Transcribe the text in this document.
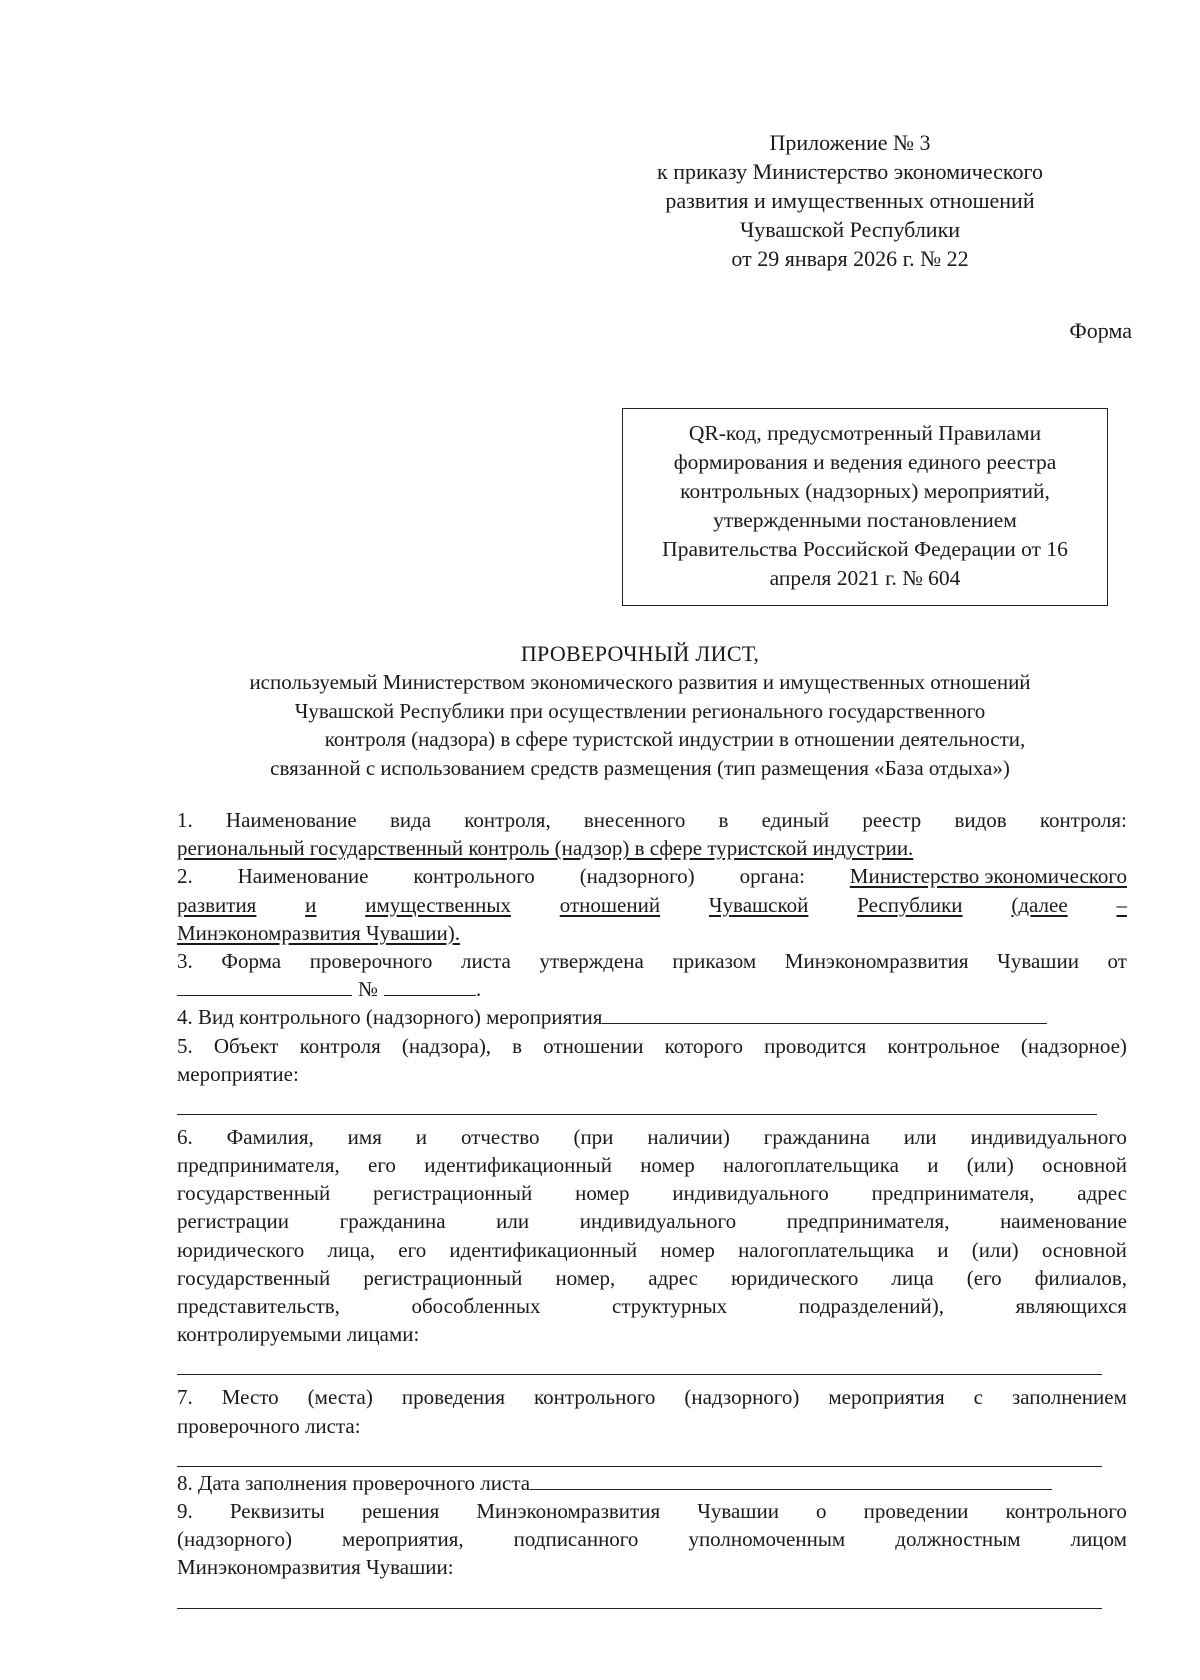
Приложение № 3
к приказу Министерство экономического
развития и имущественных отношений
Чувашской Республики
от 29 января 2026 г. № 22
Форма
QR-код, предусмотренный Правилами
формирования и ведения единого реестра
контрольных (надзорных) мероприятий,
утвержденными постановлением
Правительства Российской Федерации от 16
апреля 2021 г. № 604
ПРОВЕРОЧНЫЙ ЛИСТ,
используемый Министерством экономического развития и имущественных отношений
Чувашской Республики при осуществлении регионального государственного
контроля (надзора) в сфере туристской индустрии в отношении деятельности,
связанной с использованием средств размещения (тип размещения «База отдыха»)
1. Наименование вида контроля, внесенного в единый реестр видов контроля:
региональный государственный контроль (надзор) в сфере туристской индустрии.
2. Наименование контрольного (надзорного) органа: Министерство экономического
развития и имущественных отношений Чувашской Республики (далее –
Минэкономразвития Чувашии).
3. Форма проверочного листа утверждена приказом Минэкономразвития Чувашии от
№	.
4. Вид контрольного (надзорного) мероприятия
5. Объект контроля (надзора), в отношении которого проводится контрольное (надзорное)
мероприятие:
6. Фамилия, имя и отчество (при наличии) гражданина или индивидуального
предпринимателя, его идентификационный номер налогоплательщика и (или) основной
государственный регистрационный номер индивидуального предпринимателя, адрес
регистрации гражданина или индивидуального предпринимателя, наименование
юридического лица, его идентификационный номер налогоплательщика и (или) основной
государственный регистрационный номер, адрес юридического лица (его филиалов,
представительств,	обособленных	структурных	подразделений),	являющихся
контролируемыми лицами:
7. Место (места) проведения контрольного (надзорного) мероприятия с заполнением
проверочного листа:
8. Дата заполнения проверочного листа
9. Реквизиты решения Минэкономразвития Чувашии о проведении контрольного
(надзорного) мероприятия, подписанного уполномоченным должностным лицом
Минэкономразвития Чувашии:
